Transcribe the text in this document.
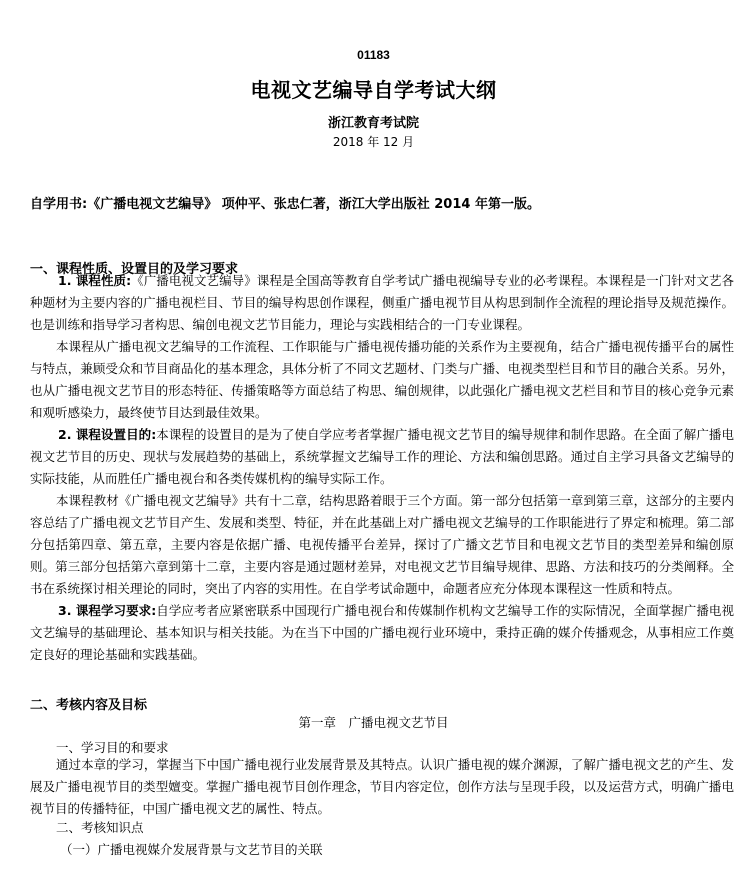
01183
电视文艺编导自学考试大纲
浙江教育考试院
2018 年 12 月
自学用书:《广播电视文艺编导》 项仲平、张忠仁著，浙江大学出版社 2014 年第一版。
一、课程性质、设置目的及学习要求

1. 课程性质:《广播电视文艺编导》课程是全国高等教育自学考试广播电视编导专业的必考课程。本课程是一门针对文艺各种题材为主要内容的广播电视栏目、节目的编导构思创作课程，侧重广播电视节目从构思到制作全流程的理论指导及规范操作。也是训练和指导学习者构思、编创电视文艺节目能力，理论与实践相结合的一门专业课程。

本课程从广播电视文艺编导的工作流程、工作职能与广播电视传播功能的关系作为主要视角，结合广播电视传播平台的属性与特点，兼顾受众和节目商品化的基本理念，具体分析了不同文艺题材、门类与广播、电视类型栏目和节目的融合关系。另外，也从广播电视文艺节目的形态特征、传播策略等方面总结了构思、编创规律，以此强化广播电视文艺栏目和节目的核心竞争元素和观听感染力，最终使节目达到最佳效果。

2. 课程设置目的:本课程的设置目的是为了使自学应考者掌握广播电视文艺节目的编导规律和制作思路。在全面了解广播电视文艺节目的历史、现状与发展趋势的基础上，系统掌握文艺编导工作的理论、方法和编创思路。通过自主学习具备文艺编导的实际技能，从而胜任广播电视台和各类传媒机构的编导实际工作。

本课程教材《广播电视文艺编导》共有十二章，结构思路着眼于三个方面。第一部分包括第一章到第三章，这部分的主要内容总结了广播电视文艺节目产生、发展和类型、特征，并在此基础上对广播电视文艺编导的工作职能进行了界定和梳理。第二部分包括第四章、第五章，主要内容是依据广播、电视传播平台差异，探讨了广播文艺节目和电视文艺节目的类型差异和编创原则。第三部分包括第六章到第十二章，主要内容是通过题材差异，对电视文艺节目编导规律、思路、方法和技巧的分类阐释。全书在系统探讨相关理论的同时，突出了内容的实用性。在自学考试命题中，命题者应充分体现本课程这一性质和特点。

3. 课程学习要求:自学应考者应紧密联系中国现行广播电视台和传媒制作机构文艺编导工作的实际情况，全面掌握广播电视文艺编导的基础理论、基本知识与相关技能。为在当下中国的广播电视行业环境中，秉持正确的媒介传播观念，从事相应工作奠定良好的理论基础和实践基础。

二、考核内容及目标
第一章　广播电视文艺节目
一、学习目的和要求

通过本章的学习，掌握当下中国广播电视行业发展背景及其特点。认识广播电视的媒介渊源，了解广播电视文艺的产生、发展及广播电视节目的类型嬗变。掌握广播电视节目创作理念，节目内容定位，创作方法与呈现手段，以及运营方式，明确广播电视节目的传播特征，中国广播电视文艺的属性、特点。

二、考核知识点
（一）广播电视媒介发展背景与文艺节目的关联
